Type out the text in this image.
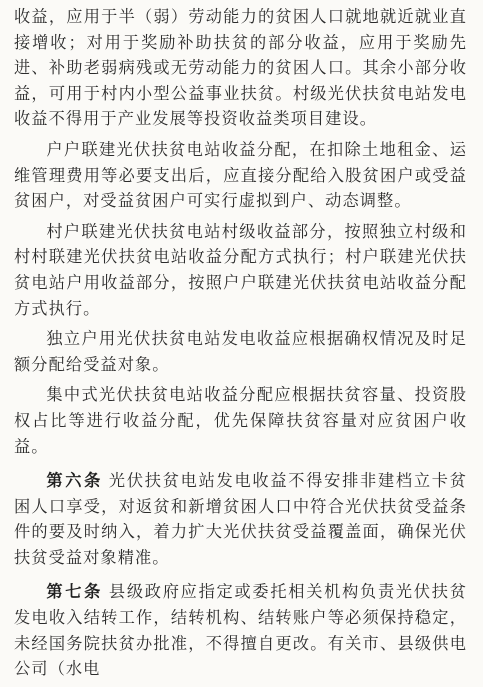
收益，应用于半（弱）劳动能力的贫困人口就地就近就业直接增收；对用于奖励补助扶贫的部分收益，应用于奖励先进、补助老弱病残或无劳动能力的贫困人口。其余小部分收益，可用于村内小型公益事业扶贫。村级光伏扶贫电站发电收益不得用于产业发展等投资收益类项目建设。

户户联建光伏扶贫电站收益分配，在扣除土地租金、运维管理费用等必要支出后，应直接分配给入股贫困户或受益贫困户，对受益贫困户可实行虚拟到户、动态调整。

村户联建光伏扶贫电站村级收益部分，按照独立村级和村村联建光伏扶贫电站收益分配方式执行；村户联建光伏扶贫电站户用收益部分，按照户户联建光伏扶贫电站收益分配方式执行。

独立户用光伏扶贫电站发电收益应根据确权情况及时足额分配给受益对象。

集中式光伏扶贫电站收益分配应根据扶贫容量、投资股权占比等进行收益分配，优先保障扶贫容量对应贫困户收益。

第六条 光伏扶贫电站发电收益不得安排非建档立卡贫困人口享受，对返贫和新增贫困人口中符合光伏扶贫受益条件的要及时纳入，着力扩大光伏扶贫受益覆盖面，确保光伏扶贫受益对象精准。

第七条 县级政府应指定或委托相关机构负责光伏扶贫发电收入结转工作，结转机构、结转账户等必须保持稳定，未经国务院扶贫办批准，不得擅自更改。有关市、县级供电公司（水电
